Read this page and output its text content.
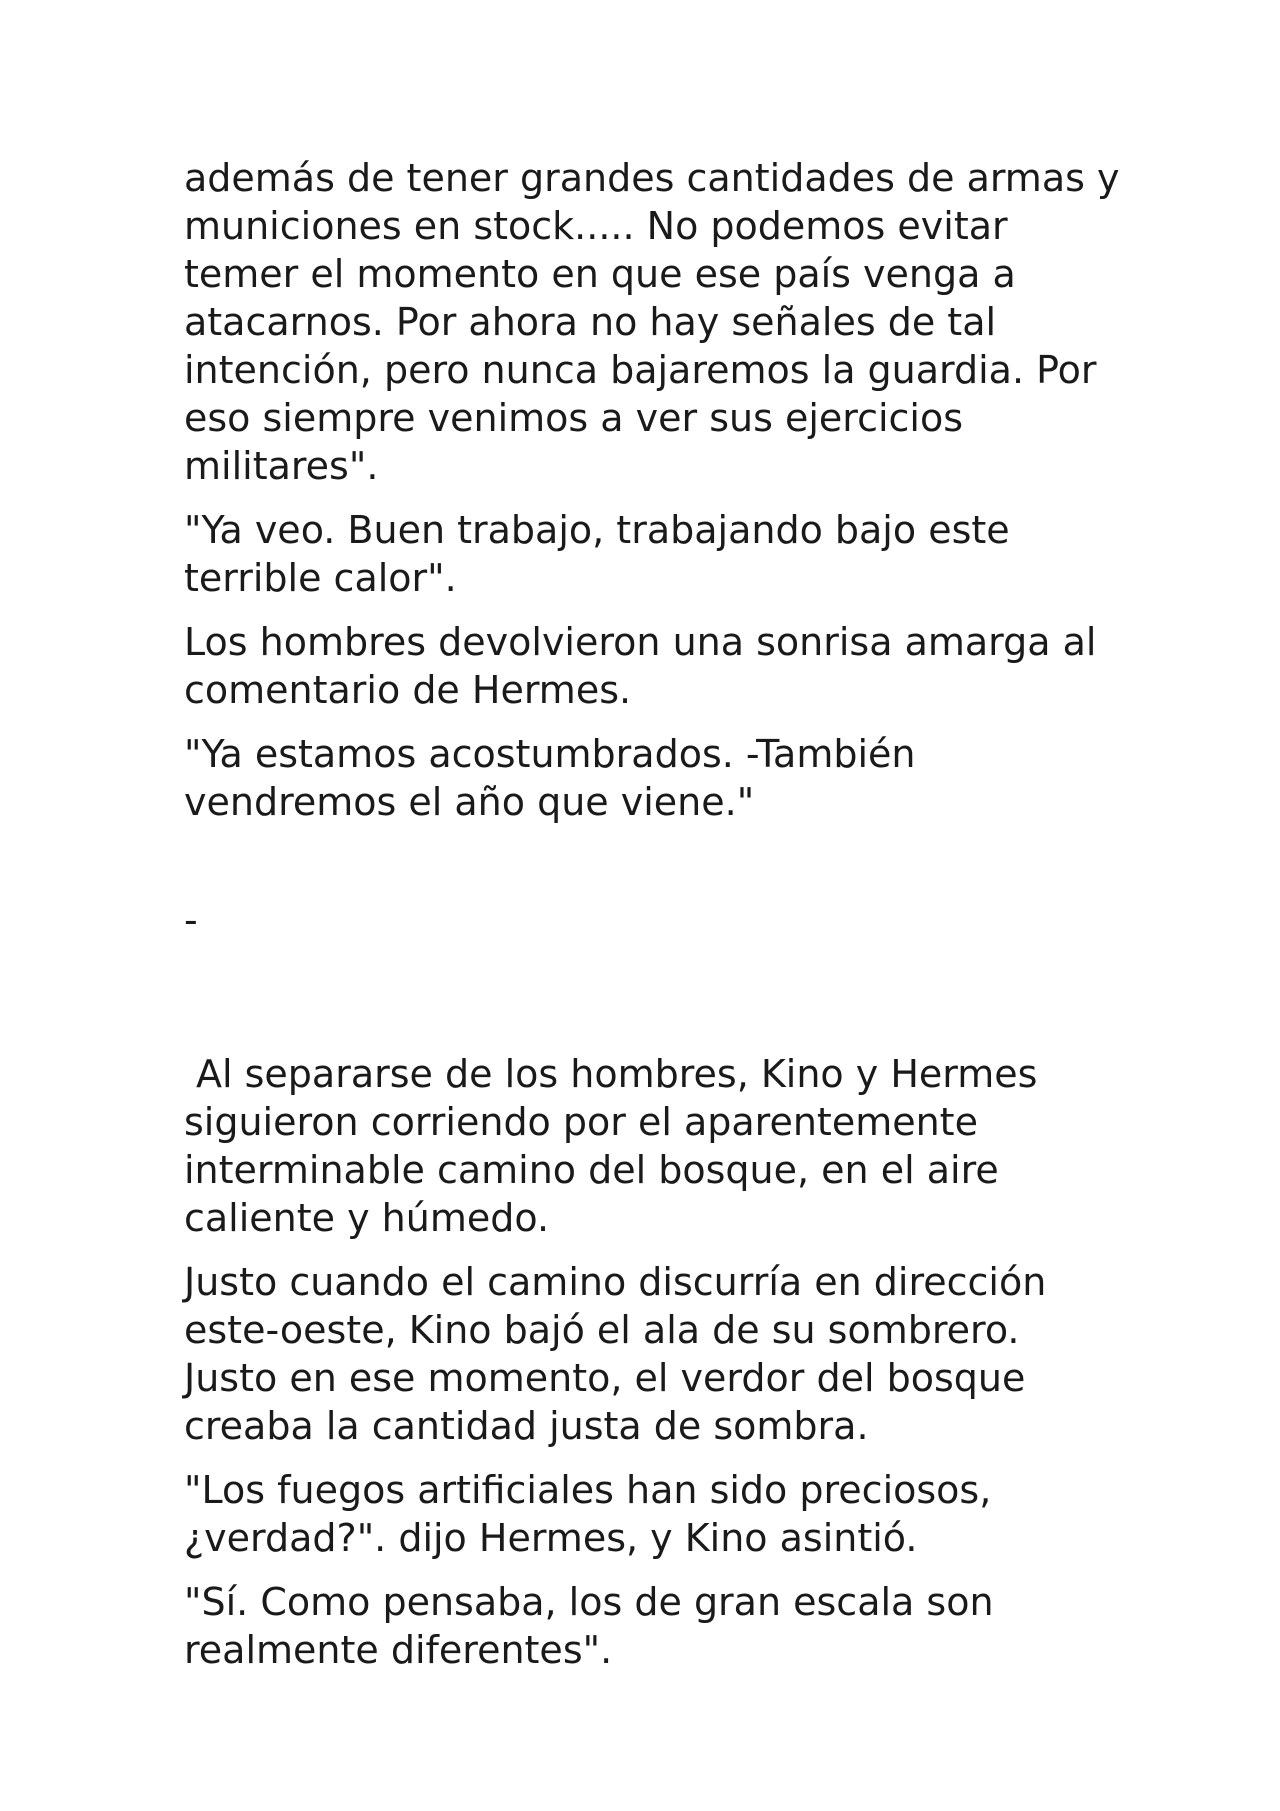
además de tener grandes cantidades de armas y municiones en stock..... No podemos evitar temer el momento en que ese país venga a atacarnos. Por ahora no hay señales de tal intención, pero nunca bajaremos la guardia. Por eso siempre venimos a ver sus ejercicios militares".

"Ya veo. Buen trabajo, trabajando bajo este terrible calor".

Los hombres devolvieron una sonrisa amarga al comentario de Hermes.

"Ya estamos acostumbrados. -También vendremos el año que viene."

-

Al separarse de los hombres, Kino y Hermes siguieron corriendo por el aparentemente interminable camino del bosque, en el aire caliente y húmedo.

Justo cuando el camino discurría en dirección este-oeste, Kino bajó el ala de su sombrero. Justo en ese momento, el verdor del bosque creaba la cantidad justa de sombra.

"Los fuegos artificiales han sido preciosos, ¿verdad?". dijo Hermes, y Kino asintió.

"Sí. Como pensaba, los de gran escala son realmente diferentes".
